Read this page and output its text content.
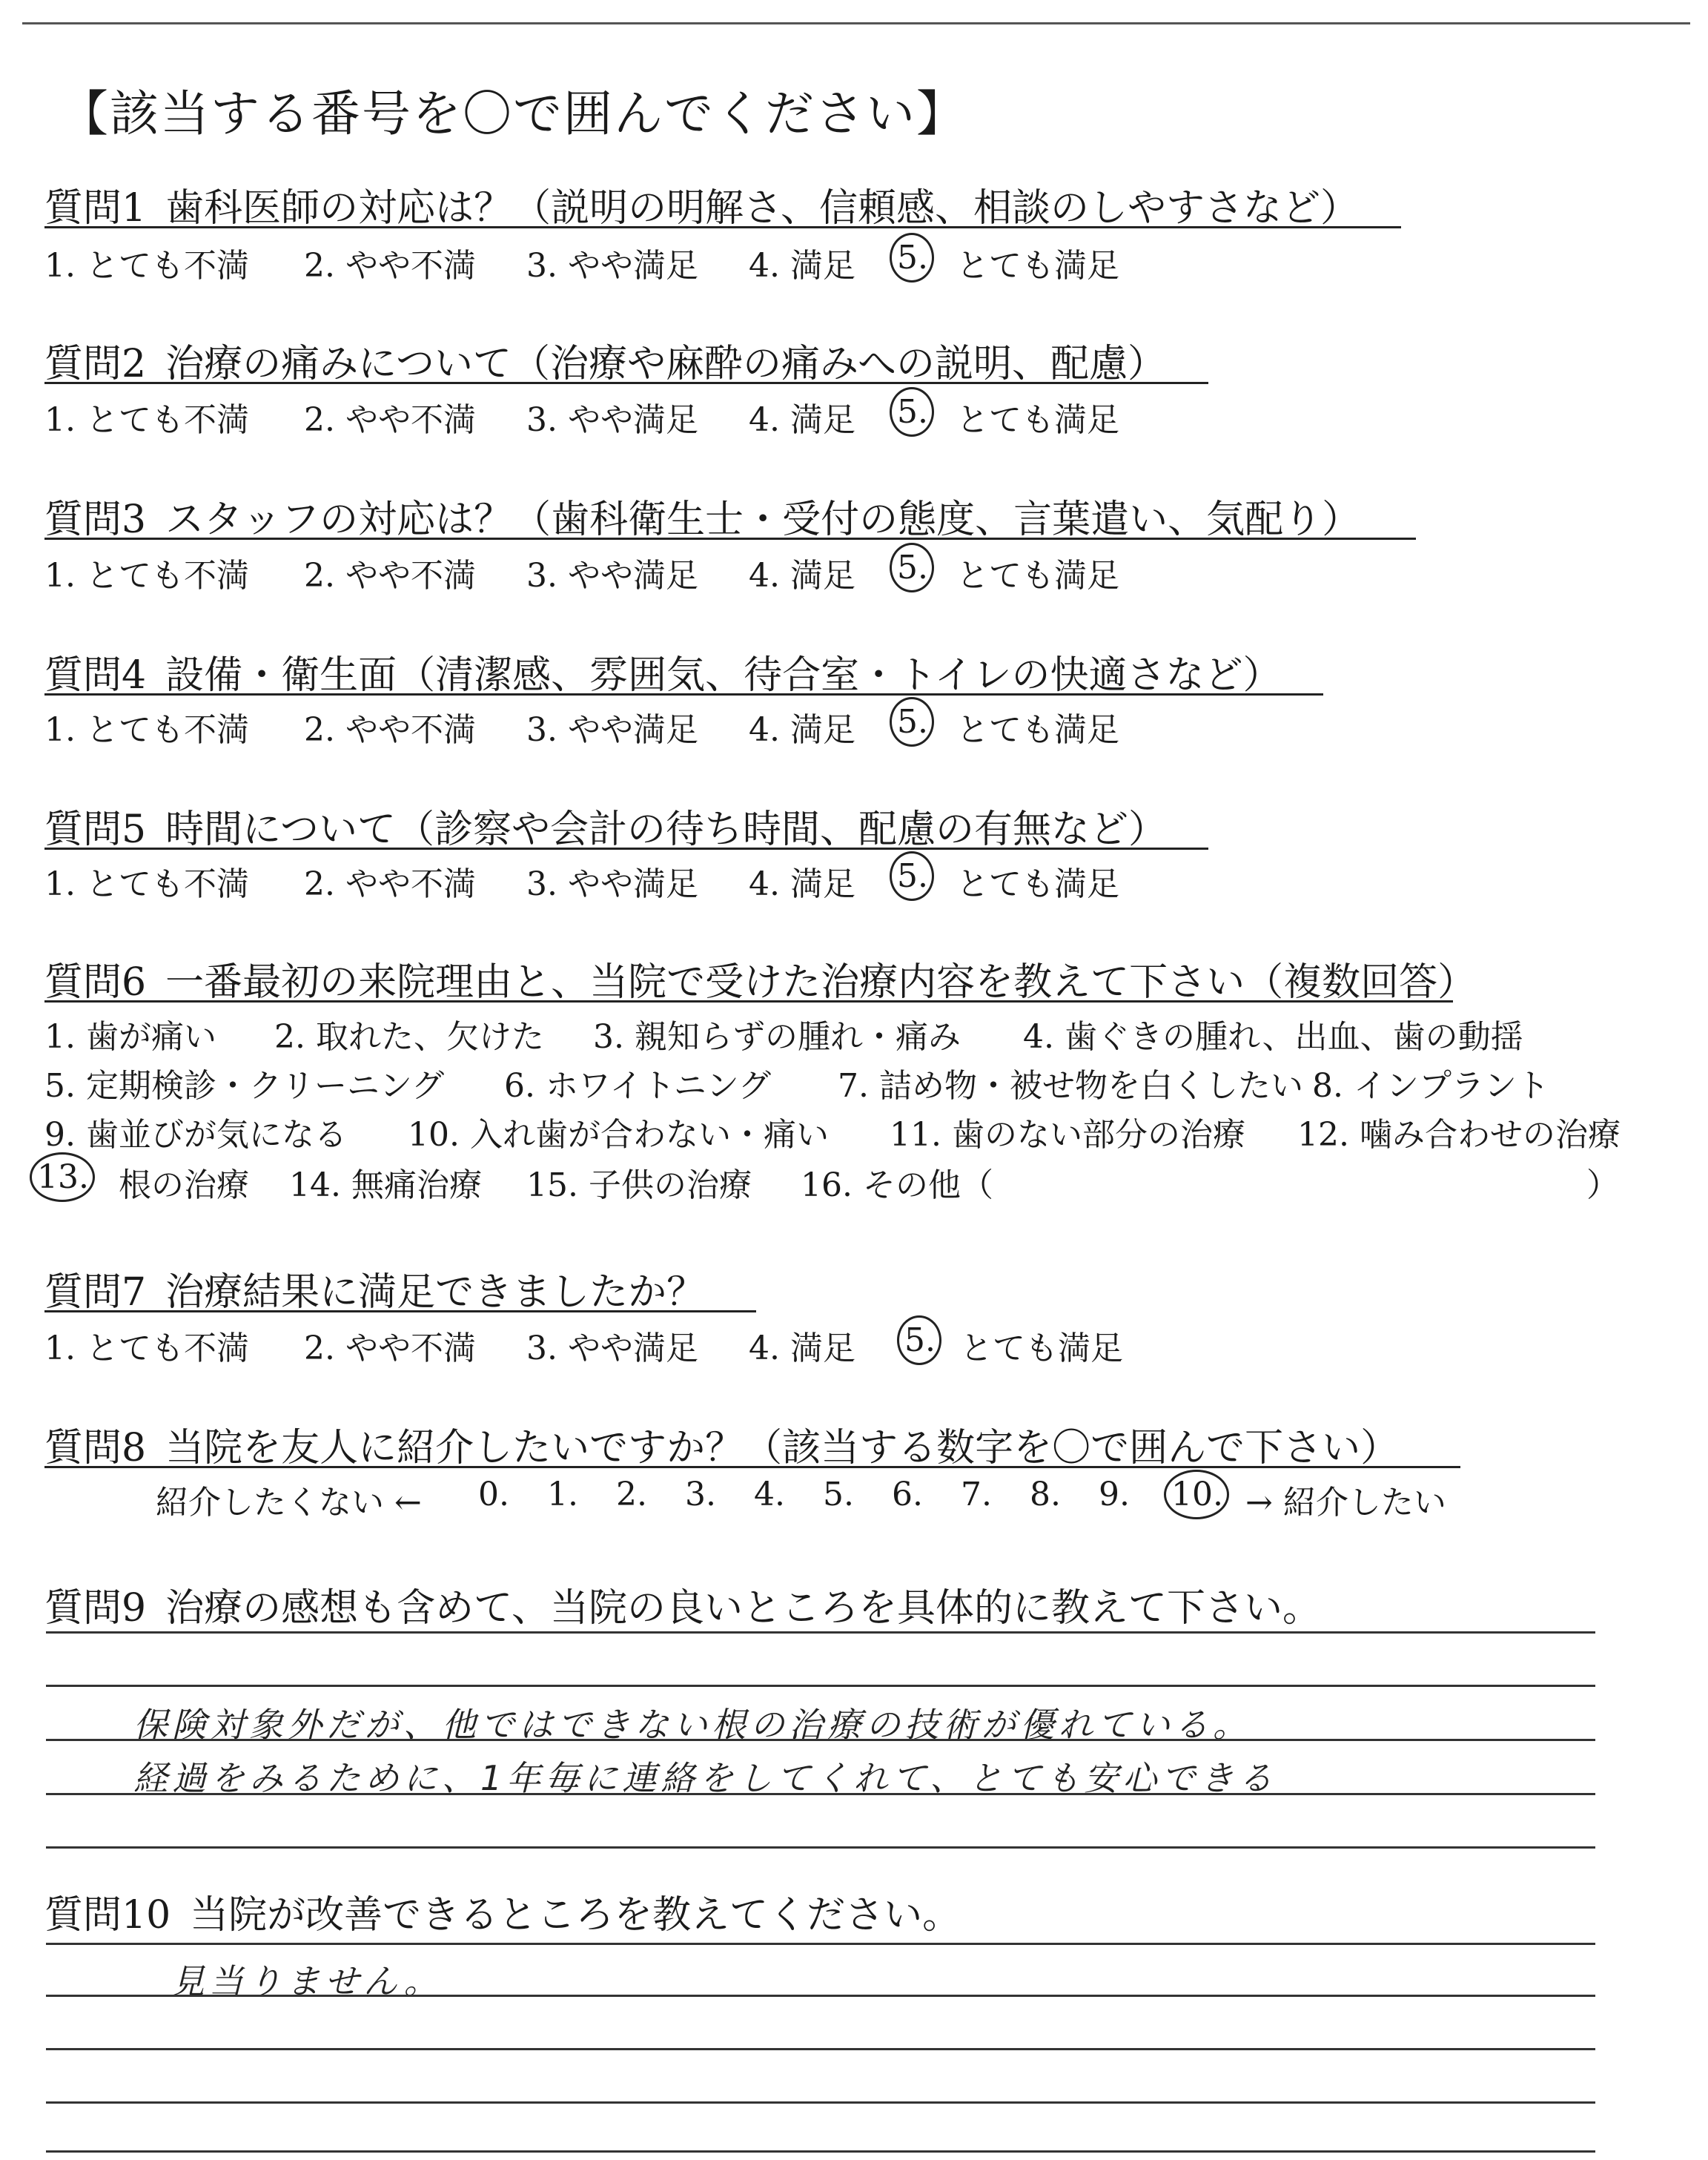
【該当する番号を〇で囲んでください】
質問1 歯科医師の対応は？（説明の明解さ、信頼感、相談のしやすさなど）
1. とても不満 2. やや不満 3. やや満足 4. 満足 5. とても満足
質問2 治療の痛みについて（治療や麻酔の痛みへの説明、配慮）
1. とても不満 2. やや不満 3. やや満足 4. 満足 5. とても満足
質問3 スタッフの対応は？（歯科衛生士・受付の態度、言葉遣い、気配り）
1. とても不満 2. やや不満 3. やや満足 4. 満足 5. とても満足
質問4 設備・衛生面（清潔感、雰囲気、待合室・トイレの快適さなど）
1. とても不満 2. やや不満 3. やや満足 4. 満足 5. とても満足
質問5 時間について（診察や会計の待ち時間、配慮の有無など）
1. とても不満 2. やや不満 3. やや満足 4. 満足 5. とても満足
質問6 一番最初の来院理由と、当院で受けた治療内容を教えて下さい（複数回答）
1. 歯が痛い 2. 取れた、欠けた 3. 親知らずの腫れ・痛み 4. 歯ぐきの腫れ、出血、歯の動揺
5. 定期検診・クリーニング 6. ホワイトニング 7. 詰め物・被せ物を白くしたい 8. インプラント
9. 歯並びが気になる 10. 入れ歯が合わない・痛い 11. 歯のない部分の治療 12. 噛み合わせの治療
13. 根の治療 14. 無痛治療 15. 子供の治療 16. その他（	）
質問7 治療結果に満足できましたか？
1. とても不満 2. やや不満 3. やや満足 4. 満足 5. とても満足
質問8 当院を友人に紹介したいですか？（該当する数字を〇で囲んで下さい）
紹介したくない ← 0. 1. 2. 3. 4. 5. 6. 7. 8. 9. 10. → 紹介したい
質問9 治療の感想も含めて、当院の良いところを具体的に教えて下さい。
保険対象外だが、他ではできない根の治療の技術が優れている。
経過をみるために、1年毎に連絡をしてくれて、とても安心できる
質問10 当院が改善できるところを教えてください。
見当りません。
